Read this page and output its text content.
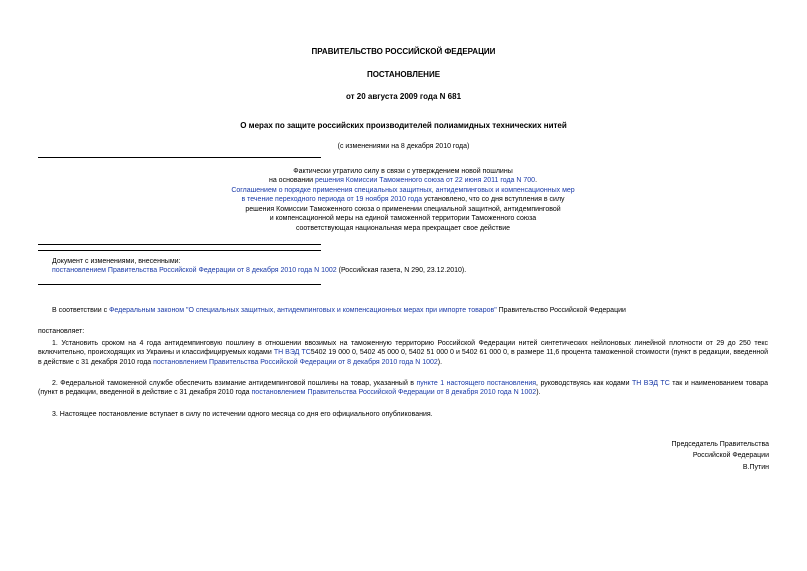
ПРАВИТЕЛЬСТВО РОССИЙСКОЙ ФЕДЕРАЦИИ
ПОСТАНОВЛЕНИЕ
от 20 августа 2009 года N 681
О мерах по защите российских производителей полиамидных технических нитей
(с изменениями на 8 декабря 2010 года)
Фактически утратило силу в связи с утверждением новой пошлины
на основании решения Комиссии Таможенного союза от 22 июня 2011 года N 700.
Соглашением о порядке применения специальных защитных, антидемпинговых и компенсационных мер
в течение переходного периода от 19 ноября 2010 года установлено, что со дня вступления в силу
решения Комиссии Таможенного союза о применении специальной защитной, антидемпинговой
и компенсационной меры на единой таможенной территории Таможенного союза
соответствующая национальная мера прекращает свое действие
Документ с изменениями, внесенными:
постановлением Правительства Российской Федерации от 8 декабря 2010 года N 1002 (Российская газета, N 290, 23.12.2010).
В соответствии с Федеральным законом "О специальных защитных, антидемпинговых и компенсационных мерах при импорте товаров" Правительство Российской Федерации
постановляет:
1. Установить сроком на 4 года антидемпинговую пошлину в отношении ввозимых на таможенную территорию Российской Федерации нитей синтетических нейлоновых линейной плотности от 29 до 250 текс включительно, происходящих из Украины и классифицируемых кодами ТН ВЭД ТС5402 19 000 0, 5402 45 000 0, 5402 51 000 0 и 5402 61 000 0, в размере 11,6 процента таможенной стоимости (пункт в редакции, введенной в действие с 31 декабря 2010 года постановлением Правительства Российской Федерации от 8 декабря 2010 года N 1002).
2. Федеральной таможенной службе обеспечить взимание антидемпинговой пошлины на товар, указанный в пункте 1 настоящего постановления, руководствуясь как кодами ТН ВЭД ТС так и наименованием товара (пункт в редакции, введенной в действие с 31 декабря 2010 года постановлением Правительства Российской Федерации от 8 декабря 2010 года N 1002).
3. Настоящее постановление вступает в силу по истечении одного месяца со дня его официального опубликования.
Председатель Правительства
Российской Федерации
В.Путин
